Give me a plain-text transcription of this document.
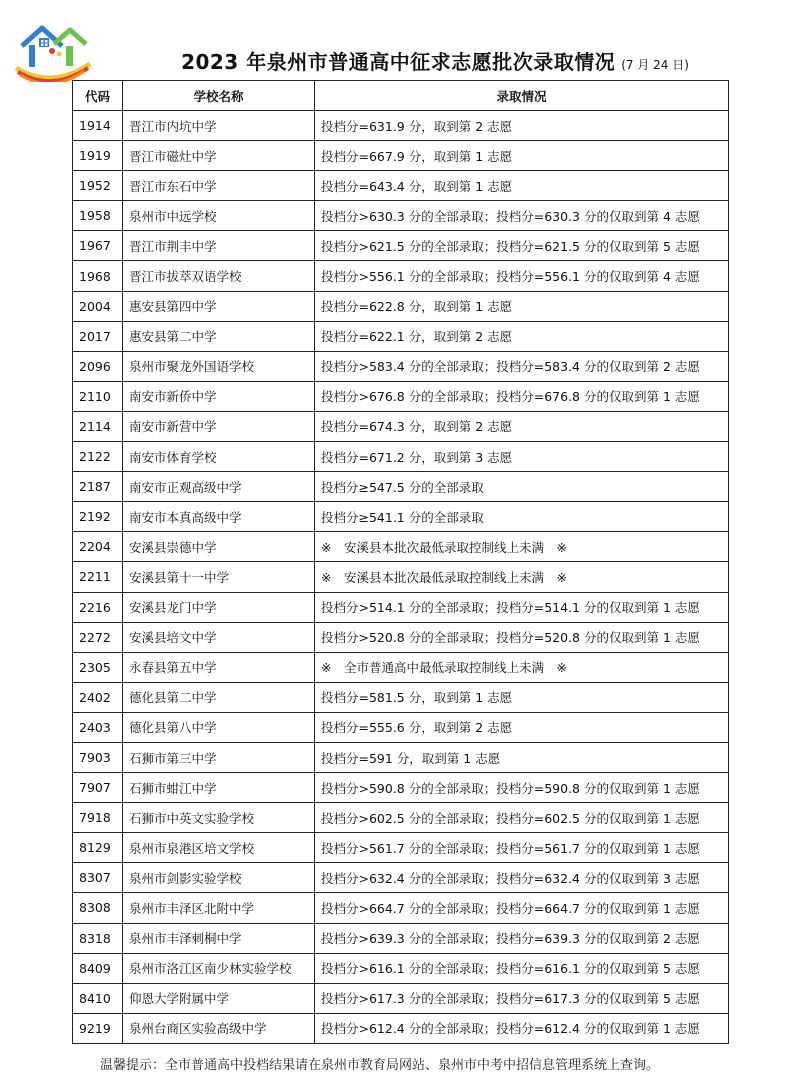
2023 年泉州市普通高中征求志愿批次录取情况 (7 月 24 日)
代码	学校名称	录取情况
1914	晋江市内坑中学	投档分=631.9 分，取到第 2 志愿
1919	晋江市磁灶中学	投档分=667.9 分，取到第 1 志愿
1952	晋江市东石中学	投档分=643.4 分，取到第 1 志愿
1958	泉州市中远学校	投档分>630.3 分的全部录取；投档分=630.3 分的仅取到第 4 志愿
1967	晋江市荆丰中学	投档分>621.5 分的全部录取；投档分=621.5 分的仅取到第 5 志愿
1968	晋江市拔萃双语学校	投档分>556.1 分的全部录取；投档分=556.1 分的仅取到第 4 志愿
2004	惠安县第四中学	投档分=622.8 分，取到第 1 志愿
2017	惠安县第二中学	投档分=622.1 分，取到第 2 志愿
2096	泉州市聚龙外国语学校	投档分>583.4 分的全部录取；投档分=583.4 分的仅取到第 2 志愿
2110	南安市新侨中学	投档分>676.8 分的全部录取；投档分=676.8 分的仅取到第 1 志愿
2114	南安市新营中学	投档分=674.3 分，取到第 2 志愿
2122	南安市体育学校	投档分=671.2 分，取到第 3 志愿
2187	南安市正观高级中学	投档分≥547.5 分的全部录取
2192	南安市本真高级中学	投档分≥541.1 分的全部录取
2204	安溪县崇德中学	※　安溪县本批次最低录取控制线上未满　※
2211	安溪县第十一中学	※　安溪县本批次最低录取控制线上未满　※
2216	安溪县龙门中学	投档分>514.1 分的全部录取；投档分=514.1 分的仅取到第 1 志愿
2272	安溪县培文中学	投档分>520.8 分的全部录取；投档分=520.8 分的仅取到第 1 志愿
2305	永春县第五中学	※　全市普通高中最低录取控制线上未满　※
2402	德化县第二中学	投档分=581.5 分，取到第 1 志愿
2403	德化县第八中学	投档分=555.6 分，取到第 2 志愿
7903	石狮市第三中学	投档分=591 分，取到第 1 志愿
7907	石狮市蚶江中学	投档分>590.8 分的全部录取；投档分=590.8 分的仅取到第 1 志愿
7918	石狮市中英文实验学校	投档分>602.5 分的全部录取；投档分=602.5 分的仅取到第 1 志愿
8129	泉州市泉港区培文学校	投档分>561.7 分的全部录取；投档分=561.7 分的仅取到第 1 志愿
8307	泉州市剑影实验学校	投档分>632.4 分的全部录取；投档分=632.4 分的仅取到第 3 志愿
8308	泉州市丰泽区北附中学	投档分>664.7 分的全部录取；投档分=664.7 分的仅取到第 1 志愿
8318	泉州市丰泽刺桐中学	投档分>639.3 分的全部录取；投档分=639.3 分的仅取到第 2 志愿
8409	泉州市洛江区南少林实验学校	投档分>616.1 分的全部录取；投档分=616.1 分的仅取到第 5 志愿
8410	仰恩大学附属中学	投档分>617.3 分的全部录取；投档分=617.3 分的仅取到第 5 志愿
9219	泉州台商区实验高级中学	投档分>612.4 分的全部录取；投档分=612.4 分的仅取到第 1 志愿
温馨提示：全市普通高中投档结果请在泉州市教育局网站、泉州市中考中招信息管理系统上查询。
